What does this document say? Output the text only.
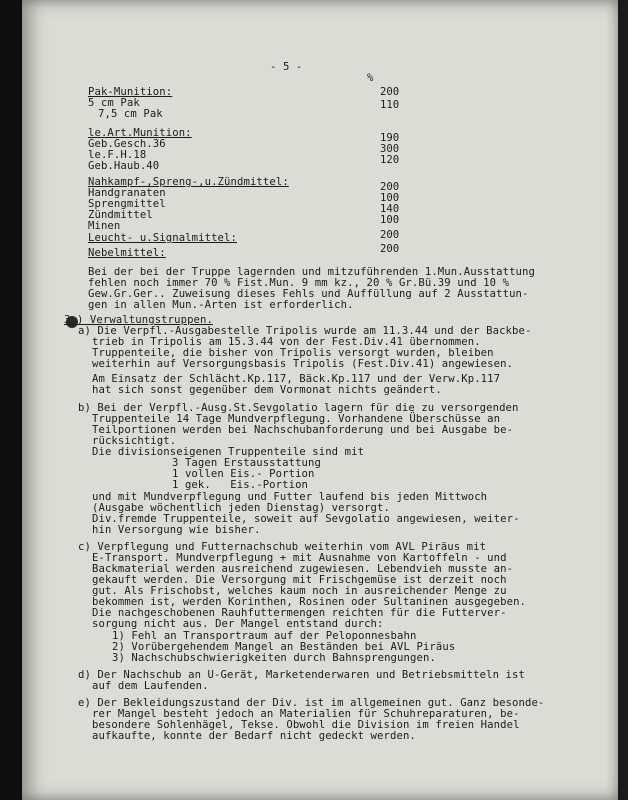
- 5 -
%
Pak-Munition:
5 cm Pak
7,5 cm Pak
le.Art.Munition:
Geb.Gesch.36
le.F.H.18
Geb.Haub.40
Nahkampf-,Spreng-,u.Zündmittel:
Handgranaten
Sprengmittel
Zündmittel
Minen
Leucht- u.Signalmittel:
Nebelmittel:
Bei der bei der Truppe lagernden und mitzuführenden 1.Mun.Ausstattung
fehlen noch immer 70 % Fist.Mun. 9 mm kz., 20 % Gr.Bü.39 und 10 %
Gew.Gr.Ger.. Zuweisung dieses Fehls und Auffüllung auf 2 Ausstattun-
gen in allen Mun.-Arten ist erforderlich.
3.) Verwaltungstruppen.
a) Die Verpfl.-Ausgabestelle Tripolis wurde am 11.3.44 und der Backbe-
trieb in Tripolis am 15.3.44 von der Fest.Div.41 übernommen.
Truppenteile, die bisher von Tripolis versorgt wurden, bleiben
weiterhin auf Versorgungsbasis Tripolis (Fest.Div.41) angewiesen.
Am Einsatz der Schlächt.Kp.117, Bäck.Kp.117 und der Verw.Kp.117
hat sich sonst gegenüber dem Vormonat nichts geändert.
b) Bei der Verpfl.-Ausg.St.Sevgolatio lagern für die zu versorgenden
Truppenteile 14 Tage Mundverpflegung. Vorhandene Überschüsse an
Teilportionen werden bei Nachschubanforderung und bei Ausgabe be-
rücksichtigt.
Die divisionseigenen Truppenteile sind mit
3 Tagen Erstausstattung
1 vollen Eis.- Portion
1 gek.   Eis.-Portion
und mit Mundverpflegung und Futter laufend bis jeden Mittwoch
(Ausgabe wöchentlich jeden Dienstag) versorgt.
Div.fremde Truppenteile, soweit auf Sevgolatio angewiesen, weiter-
hin Versorgung wie bisher.
c) Verpflegung und Futternachschub weiterhin vom AVL Piräus mit
E-Transport. Mundverpflegung + mit Ausnahme von Kartoffeln - und
Backmaterial werden ausreichend zugewiesen. Lebendvieh musste an-
gekauft werden. Die Versorgung mit Frischgemüse ist derzeit noch
gut. Als Frischobst, welches kaum noch in ausreichender Menge zu
bekommen ist, werden Korinthen, Rosinen oder Sultaninen ausgegeben.
Die nachgeschobenen Rauhfuttermengen reichten für die Futterver-
sorgung nicht aus. Der Mangel entstand durch:
1) Fehl an Transportraum auf der Peloponnesbahn
2) Vorübergehendem Mangel an Beständen bei AVL Piräus
3) Nachschubschwierigkeiten durch Bahnsprengungen.
d) Der Nachschub an U-Gerät, Marketenderwaren und Betriebsmitteln ist
auf dem Laufenden.
e) Der Bekleidungszustand der Div. ist im allgemeinen gut. Ganz besonde-
rer Mangel besteht jedoch an Materialien für Schuhreparaturen, be-
besondere Sohlenhägel, Tekse. Obwohl die Division im freien Handel
aufkaufte, konnte der Bedarf nicht gedeckt werden.
200
110
190
300
120
200
100
140
100
200
200
